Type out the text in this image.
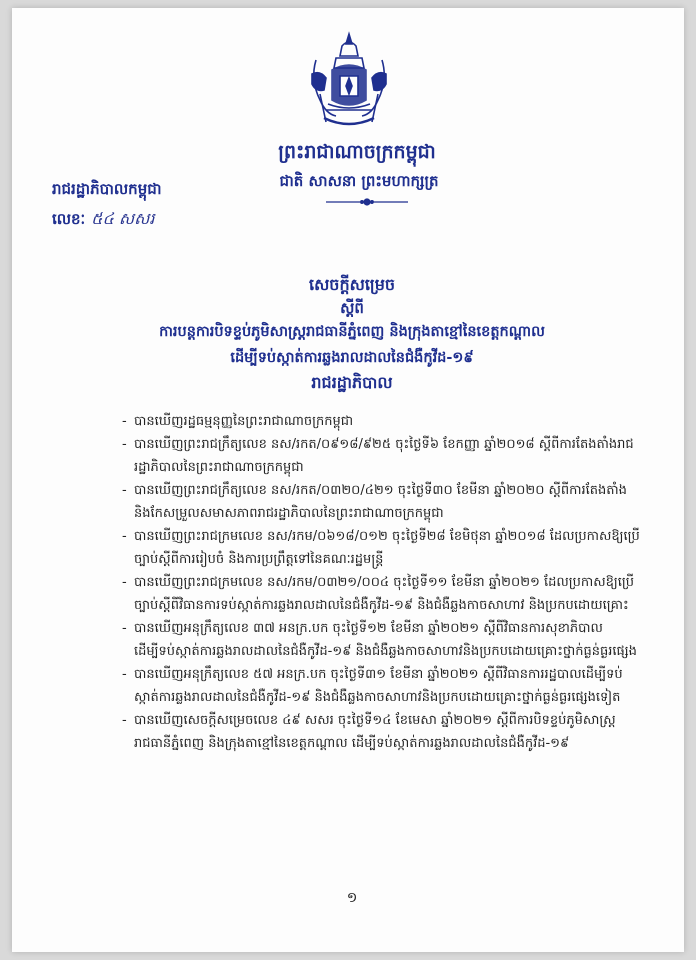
ព្រះរាជាណាចក្រកម្ពុជា
ជាតិ សាសនា ព្រះមហាក្សត្រ
រាជរដ្ឋាភិបាលកម្ពុជា
លេខៈ ៥៤ សសរ
សេចក្តីសម្រេច
ស្តីពី
ការបន្តការបិទខ្ទប់ភូមិសាស្ត្ររាជធានីភ្នំពេញ និងក្រុងតាខ្មៅនៃខេត្តកណ្តាល
ដើម្បីទប់ស្កាត់ការឆ្លងរាលដាលនៃជំងឺកូវីដ-១៩
រាជរដ្ឋាភិបាល
- បានឃើញរដ្ឋធម្មនុញ្ញនៃព្រះរាជាណាចក្រកម្ពុជា
- បានឃើញព្រះរាជក្រឹត្យលេខ នស/រកត/០៩១៨/៩២៥ ចុះថ្ងៃទី៦ ខែកញ្ញា ឆ្នាំ២០១៨ ស្តីពីការតែងតាំងរាជរដ្ឋាភិបាលនៃព្រះរាជាណាចក្រកម្ពុជា
- បានឃើញព្រះរាជក្រឹត្យលេខ នស/រកត/០៣២០/៤២១ ចុះថ្ងៃទី៣០ ខែមីនា ឆ្នាំ២០២០ ស្តីពីការតែងតាំង និងកែសម្រួលសមាសភាពរាជរដ្ឋាភិបាលនៃព្រះរាជាណាចក្រកម្ពុជា
- បានឃើញព្រះរាជក្រមលេខ នស/រកម/០៦១៨/០១២ ចុះថ្ងៃទី២៨ ខែមិថុនា ឆ្នាំ២០១៨ ដែលប្រកាសឱ្យប្រើច្បាប់ស្តីពីការរៀបចំ និងការប្រព្រឹត្តទៅនៃគណៈរដ្ឋមន្ត្រី
- បានឃើញព្រះរាជក្រមលេខ នស/រកម/០៣២១/០០៤ ចុះថ្ងៃទី១១ ខែមីនា ឆ្នាំ២០២១ ដែលប្រកាសឱ្យប្រើច្បាប់ស្តីពីវិធានការទប់ស្កាត់ការឆ្លងរាលដាលនៃជំងឺកូវីដ-១៩ និងជំងឺឆ្លងកាចសាហាវ និងប្រកបដោយគ្រោះ
- បានឃើញអនុក្រឹត្យលេខ ៣៧ អនក្រ.បក ចុះថ្ងៃទី១២ ខែមីនា ឆ្នាំ២០២១ ស្តីពីវិធានការសុខាភិបាលដើម្បីទប់ស្កាត់ការឆ្លងរាលដាលនៃជំងឺកូវីដ-១៩ និងជំងឺឆ្លងកាចសាហាវនិងប្រកបដោយគ្រោះថ្នាក់ធ្ងន់ធ្ងរផ្សេង
- បានឃើញអនុក្រឹត្យលេខ ៥៧ អនក្រ.បក ចុះថ្ងៃទី៣១ ខែមីនា ឆ្នាំ២០២១ ស្តីពីវិធានការរដ្ឋបាលដើម្បីទប់ស្កាត់ការឆ្លងរាលដាលនៃជំងឺកូវីដ-១៩ និងជំងឺឆ្លងកាចសាហាវនិងប្រកបដោយគ្រោះថ្នាក់ធ្ងន់ធ្ងរផ្សេងទៀត
- បានឃើញសេចក្តីសម្រេចលេខ ៤៩ សសរ ចុះថ្ងៃទី១៤ ខែមេសា ឆ្នាំ២០២១ ស្តីពីការបិទខ្ទប់ភូមិសាស្ត្ររាជធានីភ្នំពេញ និងក្រុងតាខ្មៅនៃខេត្តកណ្តាល ដើម្បីទប់ស្កាត់ការឆ្លងរាលដាលនៃជំងឺកូវីដ-១៩
១
